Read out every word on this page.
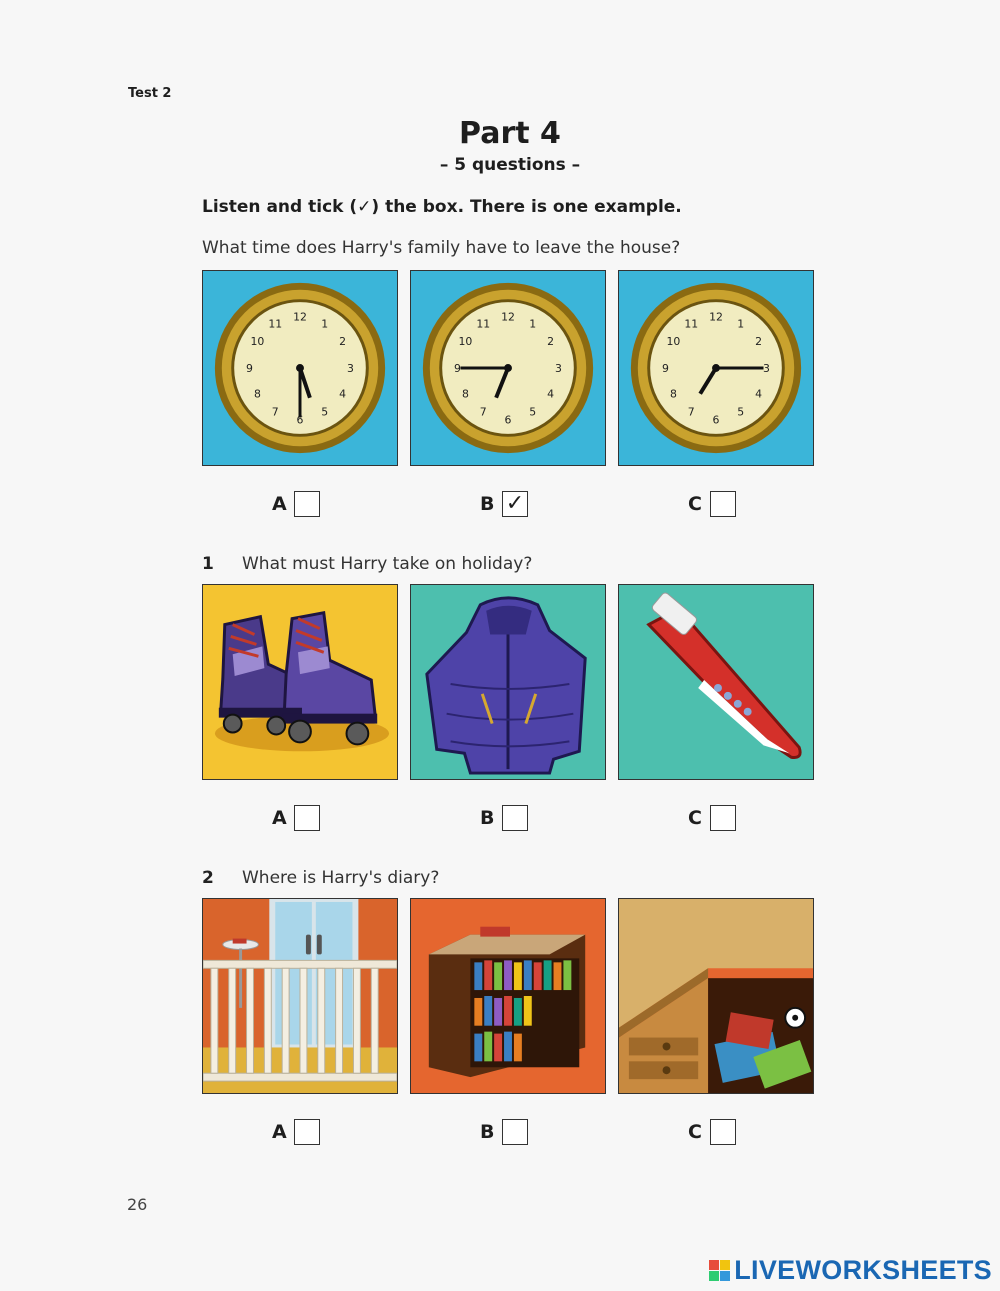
Test 2
Part 4
– 5 questions –
Listen and tick (✓) the box. There is one example.
What time does Harry's family have to leave the house?
12
1
2
3
4
5
6
7
8
9
10
11
12
1
2
3
4
5
6
7
8
9
10
11
12
1
2
3
4
5
6
7
8
9
10
11
A	B ✓	C
1 What must Harry take on holiday?
A	B	C
2 Where is Harry's diary?
A	B	C
26
LIVEWORKSHEETS
